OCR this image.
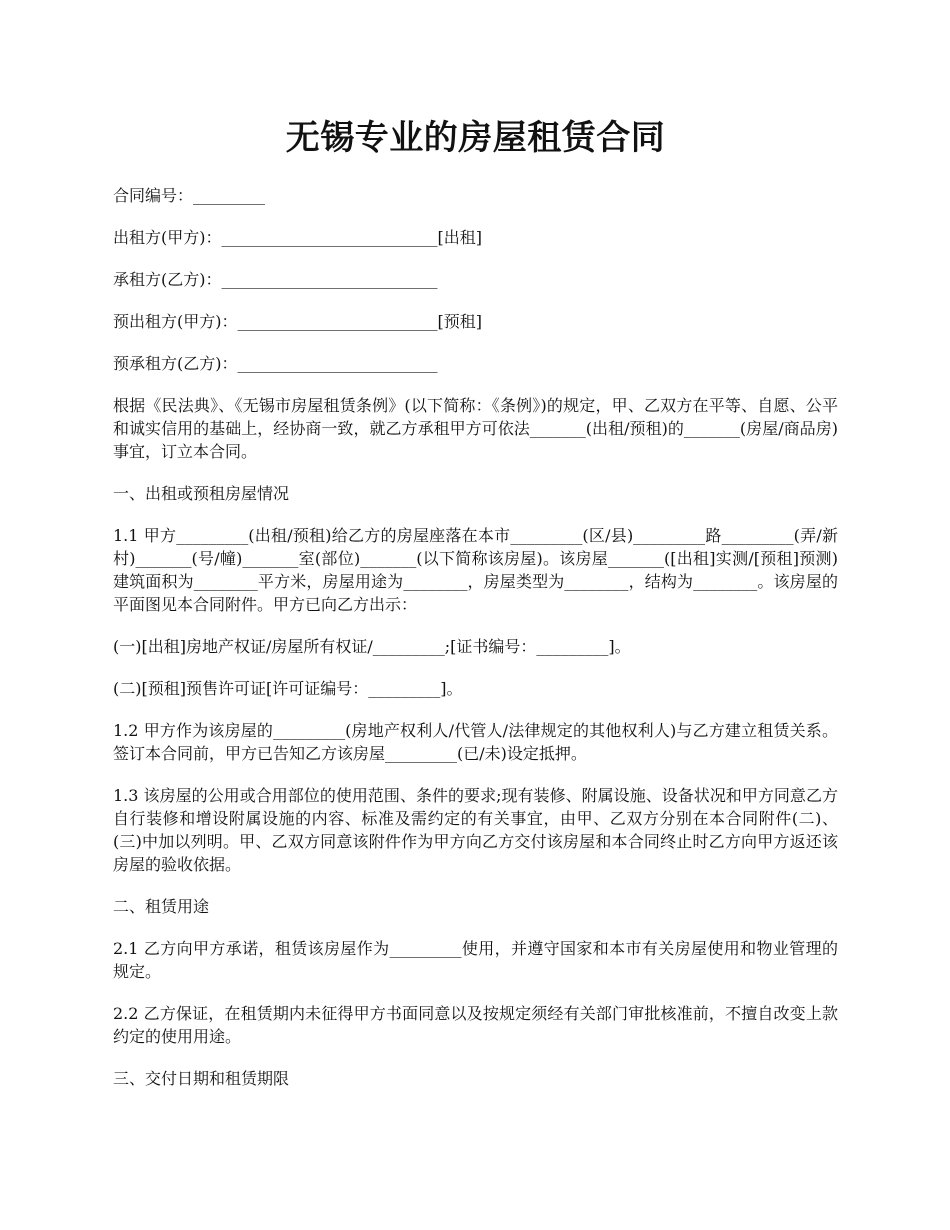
无锡专业的房屋租赁合同

合同编号：_________

出租方(甲方)：___________________________[出租]

承租方(乙方)：___________________________

预出租方(甲方)：_________________________[预租]

预承租方(乙方)：_________________________

根据《民法典》、《无锡市房屋租赁条例》(以下简称：《条例》)的规定，甲、乙双方在平等、自愿、公平和诚实信用的基础上，经协商一致，就乙方承租甲方可依法_______(出租/预租)的_______(房屋/商品房)事宜，订立本合同。

一、出租或预租房屋情况

1.1 甲方_________(出租/预租)给乙方的房屋座落在本市_________(区/县)_________路_________(弄/新村)_______(号/幢)_______室(部位)_______(以下简称该房屋)。该房屋_______([出租]实测/[预租]预测)建筑面积为________平方米，房屋用途为________，房屋类型为________，结构为________。该房屋的平面图见本合同附件。甲方已向乙方出示：

(一)[出租]房地产权证/房屋所有权证/_________;[证书编号：_________]。

(二)[预租]预售许可证[许可证编号：_________]。

1.2 甲方作为该房屋的_________(房地产权利人/代管人/法律规定的其他权利人)与乙方建立租赁关系。签订本合同前，甲方已告知乙方该房屋_________(已/未)设定抵押。

1.3 该房屋的公用或合用部位的使用范围、条件的要求;现有装修、附属设施、设备状况和甲方同意乙方自行装修和增设附属设施的内容、标准及需约定的有关事宜，由甲、乙双方分别在本合同附件(二)、(三)中加以列明。甲、乙双方同意该附件作为甲方向乙方交付该房屋和本合同终止时乙方向甲方返还该房屋的验收依据。

二、租赁用途

2.1 乙方向甲方承诺，租赁该房屋作为_________使用，并遵守国家和本市有关房屋使用和物业管理的规定。

2.2 乙方保证，在租赁期内未征得甲方书面同意以及按规定须经有关部门审批核准前，不擅自改变上款约定的使用用途。

三、交付日期和租赁期限
